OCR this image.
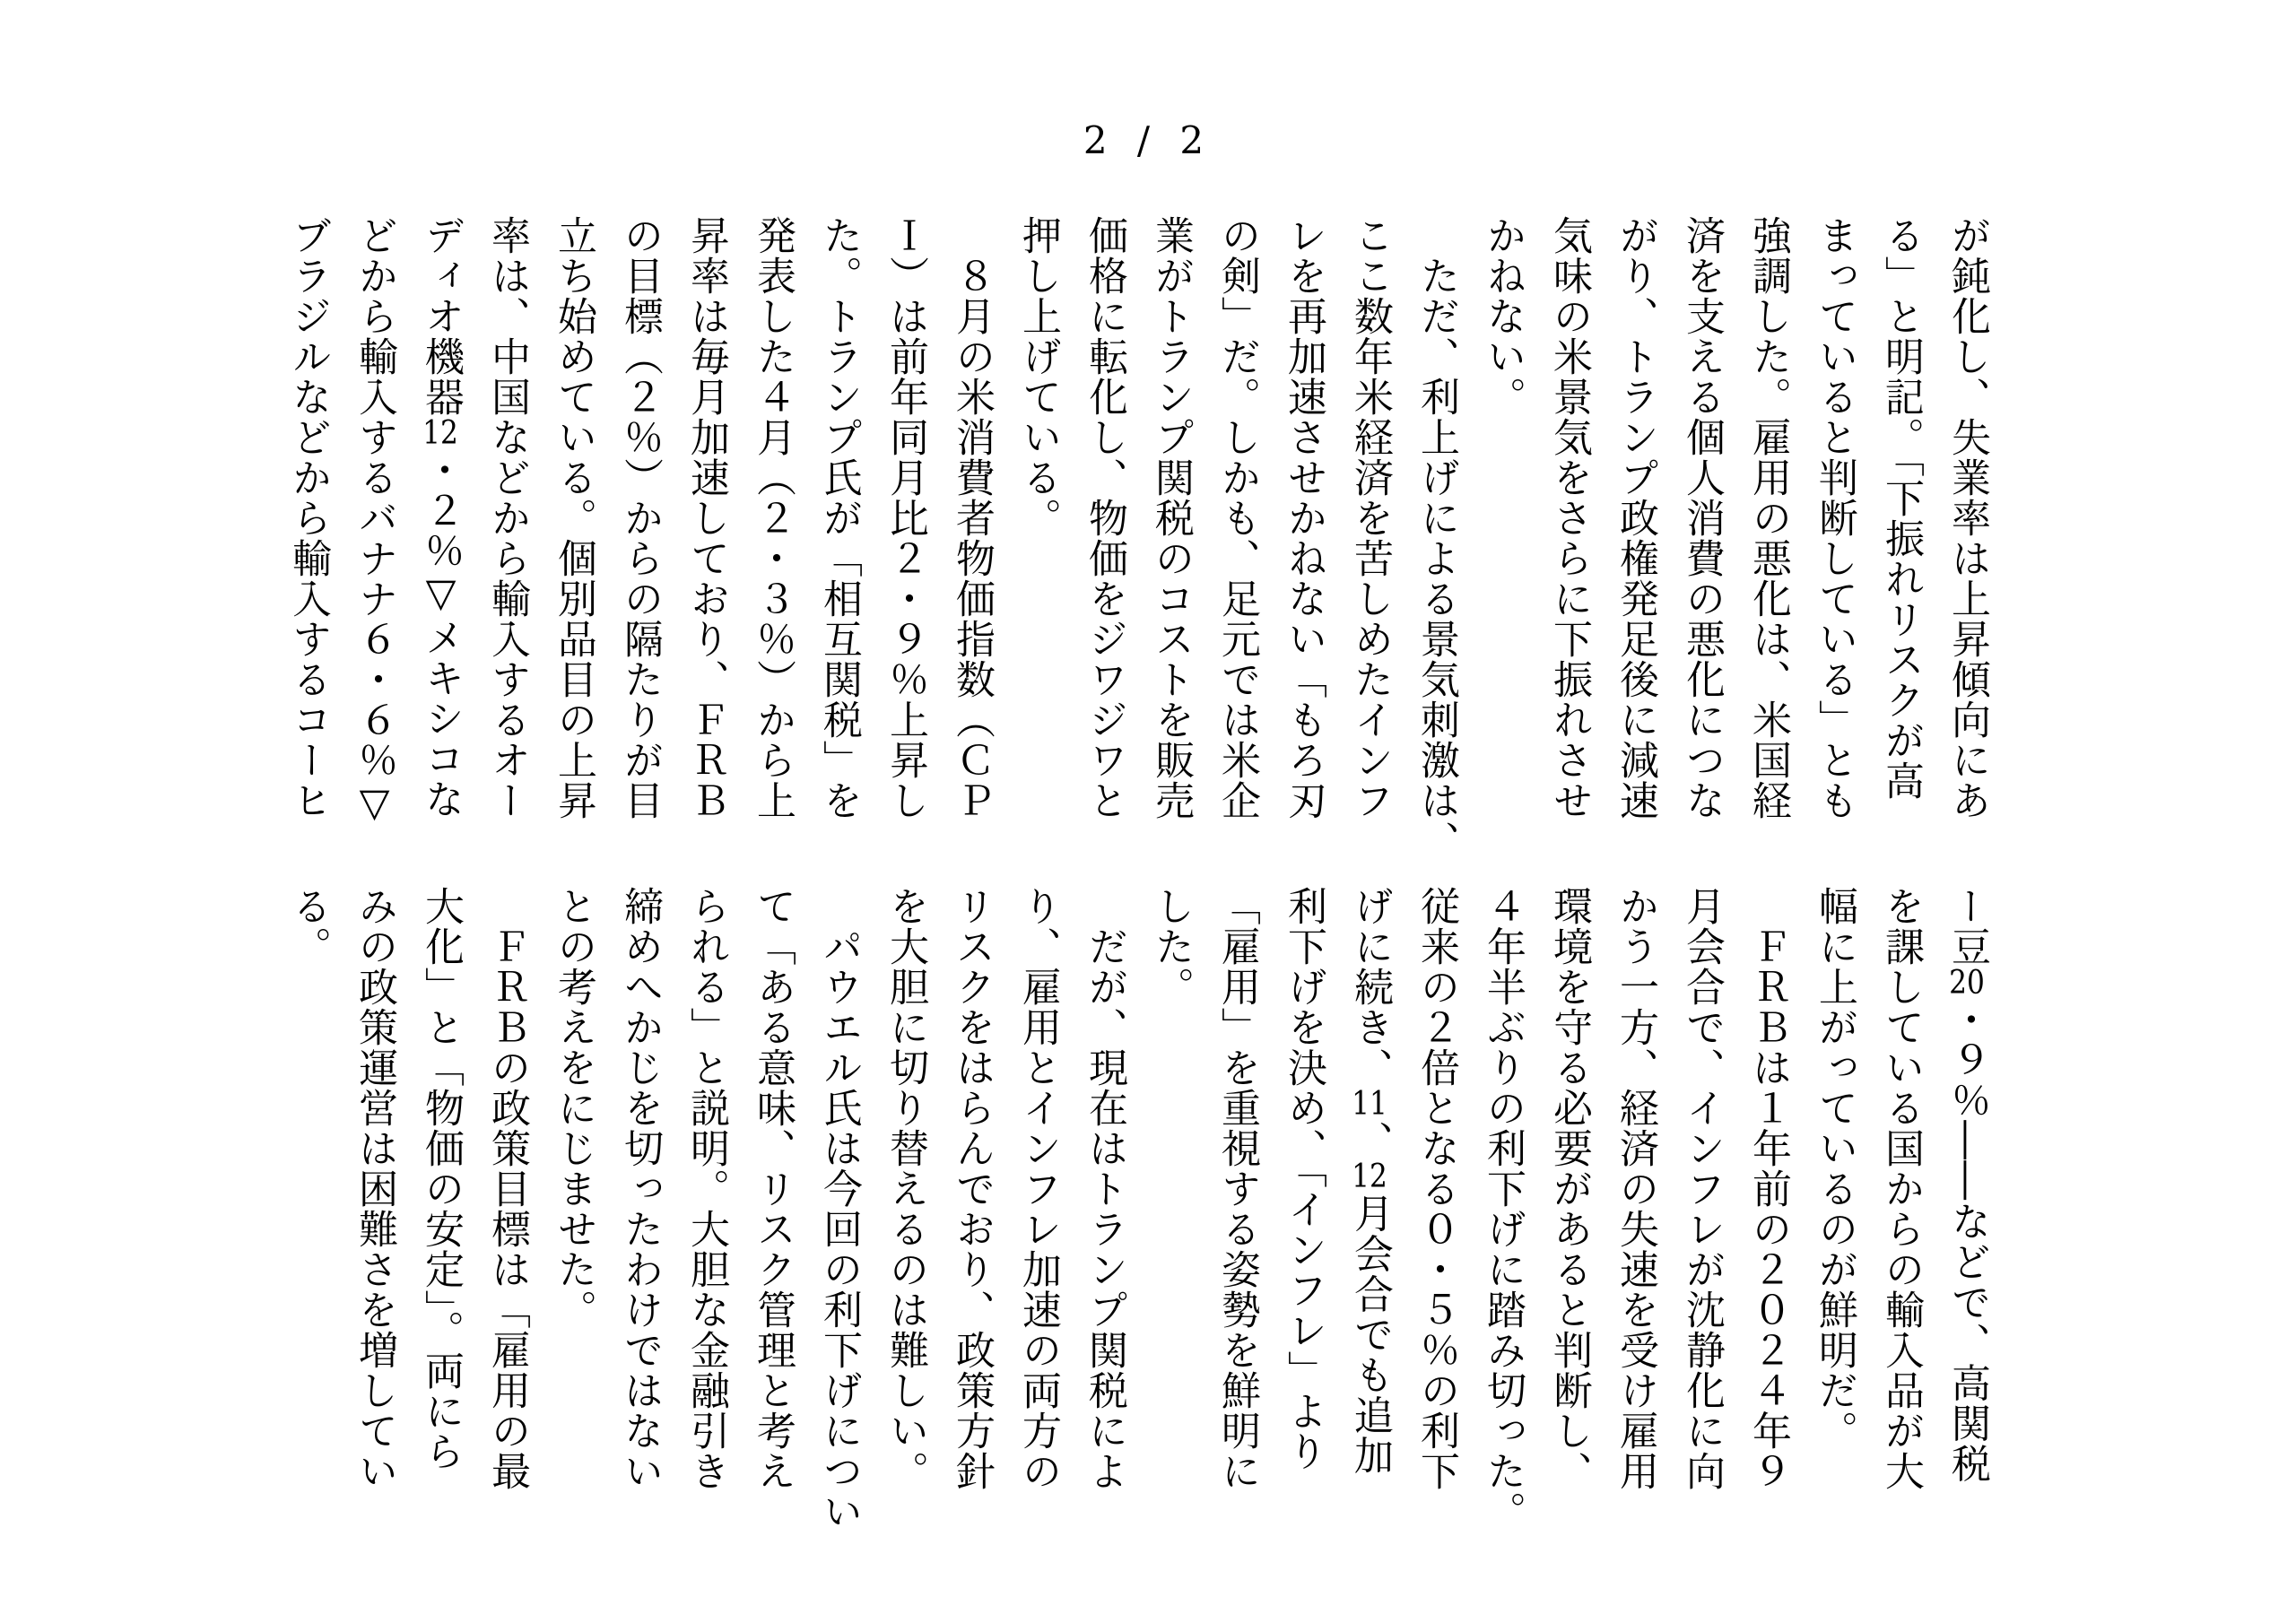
2 / 2
が鈍化し、失業率は上昇傾向にあ
る」と明記。「下振れリスクが高
まっていると判断している」とも
強調した。雇用の悪化は、米国経
済を支える個人消費の悪化につな
がり、トランプ政権発足後に減速
気味の米景気をさらに下振れさせ
かねない。
　ただ、利上げによる景気刺激は、
ここ数年米経済を苦しめたインフ
レを再加速させかねない「もろ刃
の剣」だ。しかも、足元では米企
業がトランプ関税のコストを販売
価格に転化し、物価をジワジワと
押し上げている。
　８月の米消費者物価指数（ＣＰ
Ｉ）は前年同月比２・９％上昇し
た。トランプ氏が「相互関税」を
発表した４月（２・３％）から上
昇率は毎月加速しており、ＦＲＢ
の目標（２％）からの隔たりが目
立ち始めている。個別品目の上昇
率は、中国などから輸入するオー
ディオ機器12・２％▽メキシコな
どから輸入するバナナ６・６％▽
ブラジルなどから輸入するコーヒ
ー豆20・９％――などで、高関税
を課している国からの輸入品が大
幅に上がっているのが鮮明だ。
　ＦＲＢは１年前の２０２４年９
月会合で、インフレが沈静化に向
かう一方、経済の失速を受け雇用
環境を守る必要があると判断し、
４年半ぶりの利下げに踏み切った。
従来の２倍となる０・５％の利下
げに続き、11、12月会合でも追加
利下げを決め、「インフレ」より
「雇用」を重視する姿勢を鮮明に
した。
　だが、現在はトランプ関税によ
り、雇用とインフレ加速の両方の
リスクをはらんでおり、政策方針
を大胆に切り替えるのは難しい。
　パウエル氏は今回の利下げについ
て「ある意味、リスク管理と考え
られる」と説明。大胆な金融引き
締めへかじを切ったわけではない
との考えをにじませた。
　ＦＲＢの政策目標は「雇用の最
大化」と「物価の安定」。両にら
みの政策運営は困難さを増してい
る。
